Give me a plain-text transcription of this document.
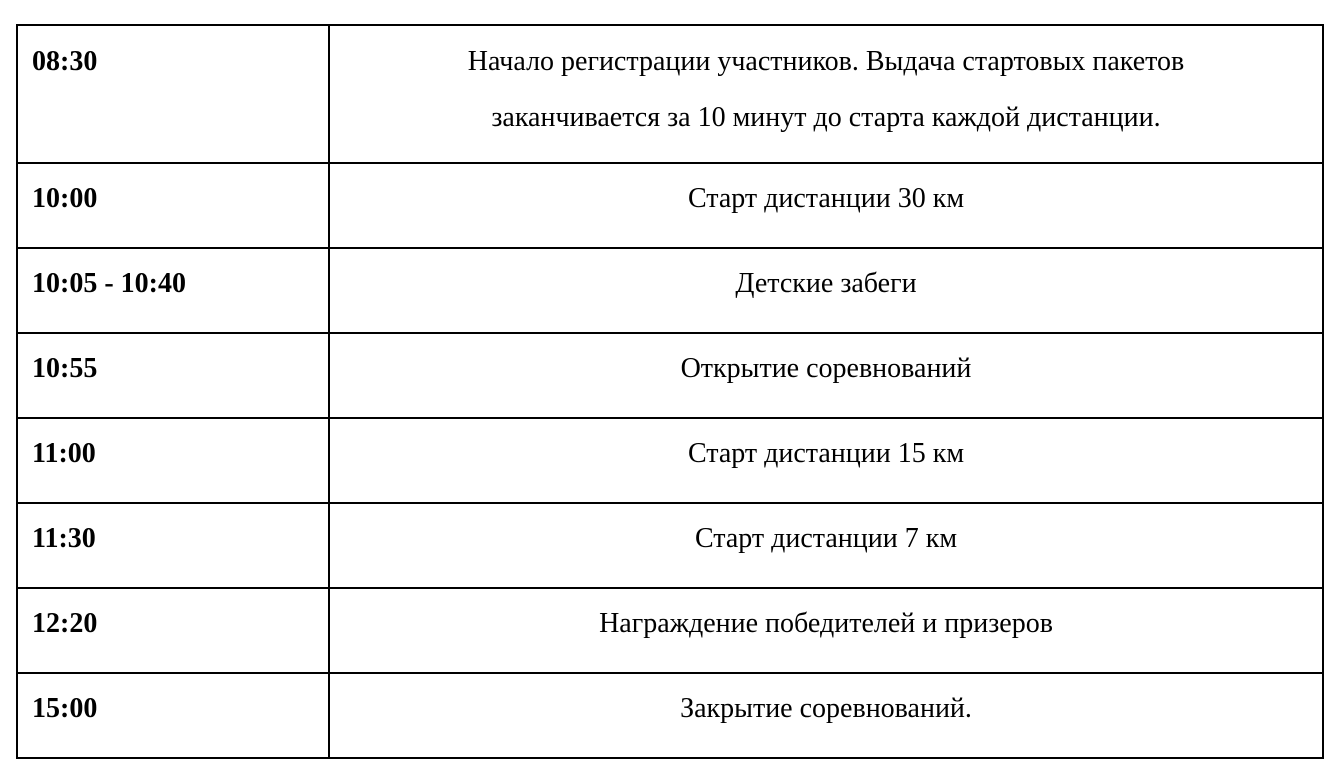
08:30	Начало регистрации участников. Выдача стартовых пакетов заканчивается за 10 минут до старта каждой дистанции.

10:00	Старт дистанции 30 км

10:05 - 10:40	Детские забеги

10:55	Открытие соревнований

11:00	Старт дистанции 15 км

11:30	Старт дистанции 7 км

12:20	Награждение победителей и призеров

15:00	Закрытие соревнований.
